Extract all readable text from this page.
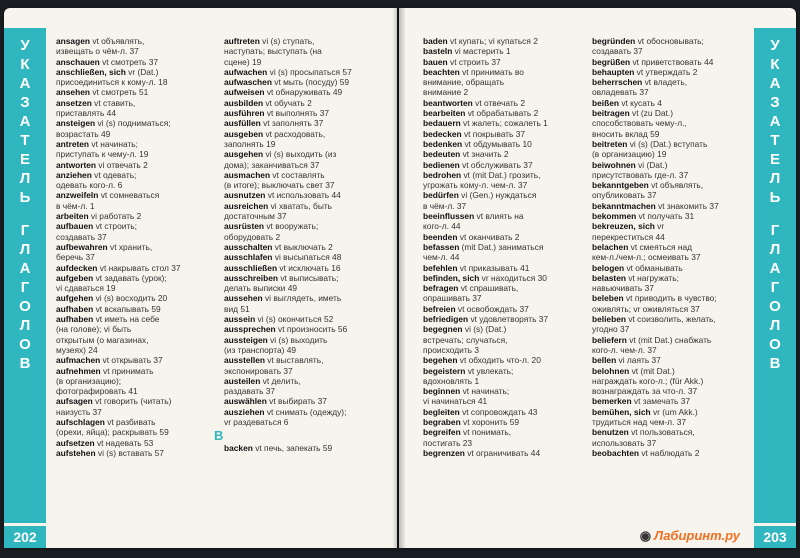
У
К
А
З
А
Т
Е
Л
Ь
Г
Л
А
Г
О
Л
О
В
У
К
А
З
А
Т
Е
Л
Ь
Г
Л
А
Г
О
Л
О
В
202	203
ansagen vt объявлять,
извещать о чём-л. 37
anschauen vt смотреть 37
anschließen, sich vr (Dat.)
присоединиться к кому-л. 18
ansehen vt смотреть 51
ansetzen vt ставить,
приставлять 44
ansteigen vi (s) подниматься;
возрастать 49
antreten vt начинать;
приступать к чему-л. 19
antworten vi отвечать 2
anziehen vt одевать;
одевать кого-л. 6
anzweifeln vt сомневаться
в чём-л. 1
arbeiten vi работать 2
aufbauen vt строить;
создавать 37
aufbewahren vt хранить,
беречь 37
aufdecken vt накрывать стол 37
aufgeben vt задавать (урок);
vi сдаваться 19
aufgehen vi (s) восходить 20
aufhaben vt вскапывать 59
aufhaben vt иметь на себе
(на голове); vi быть
открытым (о магазинах,
музеях) 24
aufmachen vt открывать 37
aufnehmen vt принимать
(в организацию);
фотографировать 41
aufsagen vt говорить (читать)
наизусть 37
aufschlagen vt разбивать
(орехи, яйца); раскрывать 59
aufsetzen vt надевать 53
aufstehen vi (s) вставать 57
auftreten vi (s) ступать,
наступать; выступать (на
сцене) 19
aufwachen vi (s) просыпаться 57
aufwaschen vt мыть (посуду) 59
aufweisen vt обнаруживать 49
ausbilden vt обучать 2
ausführen vt выполнять 37
ausfüllen vt заполнять 37
ausgeben vt расходовать,
заполнять 19
ausgehen vi (s) выходить (из
дома); заканчиваться 37
ausmachen vt составлять
(в итоге); выключать свет 37
ausnutzen vt использовать 44
ausreichen vi хватать, быть
достаточным 37
ausrüsten vt вооружать;
оборудовать 2
ausschalten vt выключать 2
ausschlafen vi высыпаться 48
ausschließen vt исключать 16
ausschreiben vt выписывать;
делать выписки 49
aussehen vi выглядеть, иметь
вид 51
aussein vi (s) окончиться 52
aussprechen vt произносить 56
aussteigen vi (s) выходить
(из транспорта) 49
ausstellen vt выставлять,
экспонировать 37
austeilen vt делить,
раздавать 37
auswählen vt выбирать 37
ausziehen vt снимать (одежду);
vr раздеваться 6
backen vt печь, запекать 59
baden vt купать; vi купаться 2
basteln vi мастерить 1
bauen vt строить 37
beachten vt принимать во
внимание, обращать
внимание 2
beantworten vt отвечать 2
bearbeiten vt обрабатывать 2
bedauern vt жалеть; сожалеть 1
bedecken vt покрывать 37
bedenken vt обдумывать 10
bedeuten vt значить 2
bedienen vt обслуживать 37
bedrohen vt (mit Dat.) грозить,
угрожать кому-л. чем-л. 37
bedürfen vi (Gen.) нуждаться
в чём-л. 37
beeinflussen vt влиять на
кого-л. 44
beenden vt оканчивать 2
befassen (mit Dat.) заниматься
чем-л. 44
befehlen vt приказывать 41
befinden, sich vr находиться 30
befragen vt спрашивать,
опрашивать 37
befreien vt освобождать 37
befriedigen vt удовлетворять 37
begegnen vi (s) (Dat.)
встречать; случаться,
происходить 3
begehen vt обходить что-л. 20
begeistern vt увлекать;
вдохновлять 1
beginnen vt начинать;
vi начинаться 41
begleiten vt сопровождать 43
begraben vt хоронить 59
begreifen vt понимать,
постигать 23
begrenzen vt ограничивать 44
begründen vt обосновывать;
создавать 37
begrüßen vt приветствовать 44
behaupten vt утверждать 2
beherrschen vt владеть,
овладевать 37
beißen vt кусать 4
beitragen vt (zu Dat.)
способствовать чему-л.,
вносить вклад 59
beitreten vi (s) (Dat.) вступать
(в организацию) 19
beiwohnen vi (Dat.)
присутствовать где-л. 37
bekanntgeben vt объявлять,
опубликовать 37
bekanntmachen vt знакомить 37
bekommen vt получать 31
bekreuzen, sich vr
перекреститься 44
belachen vt смеяться над
кем-л./чем-л.; осмеивать 37
belogen vt обманывать
belasten vt нагружать;
навьючивать 37
beleben vt приводить в чувство;
оживлять; vr оживляться 37
belieben vt соизволить, желать,
угодно 37
beliefern vt (mit Dat.) снабжать
кого-л. чем-л. 37
bellen vi лаять 37
belohnen vt (mit Dat.)
награждать кого-л.; (für Akk.)
вознаграждать за что-л. 37
bemerken vt замечать 37
bemühen, sich vr (um Akk.)
трудиться над чем-л. 37
benutzen vt пользоваться,
использовать 37
beobachten vt наблюдать 2
◉ Лабиринт.ру
